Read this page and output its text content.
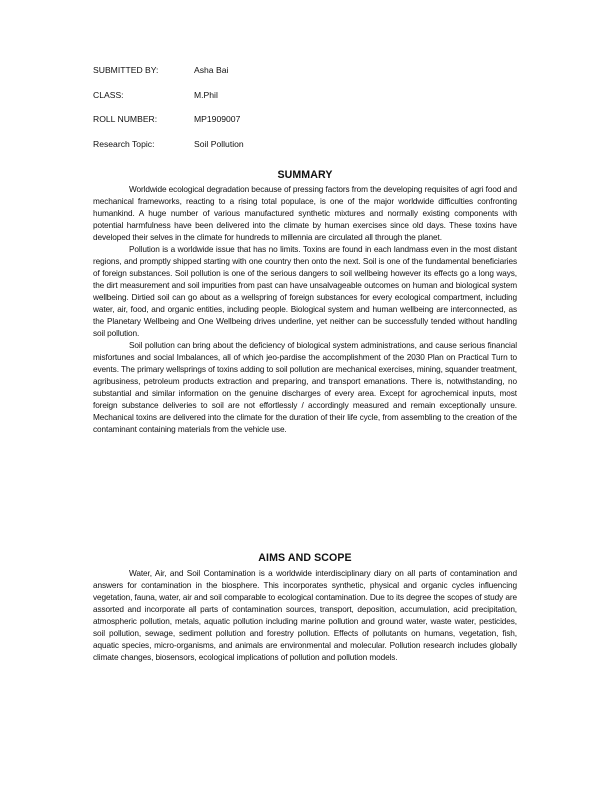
SUBMITTED BY:	Asha Bai
CLASS:	M.Phil
ROLL NUMBER:	MP1909007
Research Topic:	Soil Pollution
SUMMARY

Worldwide ecological degradation because of pressing factors from the developing requisites of agri food and mechanical frameworks, reacting to a rising total populace, is one of the major worldwide difficulties confronting humankind. A huge number of various manufactured synthetic mixtures and normally existing components with potential harmfulness have been delivered into the climate by human exercises since old days. These toxins have developed their selves in the climate for hundreds to millennia are circulated all through the planet.

Pollution is a worldwide issue that has no limits. Toxins are found in each landmass even in the most distant regions, and promptly shipped starting with one country then onto the next. Soil is one of the fundamental beneficiaries of foreign substances. Soil pollution is one of the serious dangers to soil wellbeing however its effects go a long ways, the dirt measurement and soil impurities from past can have unsalvageable outcomes on human and biological system wellbeing. Dirtied soil can go about as a wellspring of foreign substances for every ecological compartment, including water, air, food, and organic entities, including people. Biological system and human wellbeing are interconnected, as the Planetary Wellbeing and One Wellbeing drives underline, yet neither can be successfully tended without handling soil pollution.

Soil pollution can bring about the deficiency of biological system administrations, and cause serious financial misfortunes and social Imbalances, all of which jeo-pardise the accomplishment of the 2030 Plan on Practical Turn to events. The primary wellsprings of toxins adding to soil pollution are mechanical exercises, mining, squander treatment, agribusiness, petroleum products extraction and preparing, and transport emanations. There is, notwithstanding, no substantial and similar information on the genuine discharges of every area. Except for agrochemical inputs, most foreign substance deliveries to soil are not effortlessly / accordingly measured and remain exceptionally unsure. Mechanical toxins are delivered into the climate for the duration of their life cycle, from assembling to the creation of the contaminant containing materials from the vehicle use.

AIMS AND SCOPE

Water, Air, and Soil Contamination is a worldwide interdisciplinary diary on all parts of contamination and answers for contamination in the biosphere. This incorporates synthetic, physical and organic cycles influencing vegetation, fauna, water, air and soil comparable to ecological contamination. Due to its degree the scopes of study are assorted and incorporate all parts of contamination sources, transport, deposition, accumulation, acid precipitation, atmospheric pollution, metals, aquatic pollution including marine pollution and ground water, waste water, pesticides, soil pollution, sewage, sediment pollution and forestry pollution. Effects of pollutants on humans, vegetation, fish, aquatic species, micro-organisms, and animals are environmental and molecular. Pollution research includes globally climate changes, biosensors, ecological implications of pollution and pollution models.
